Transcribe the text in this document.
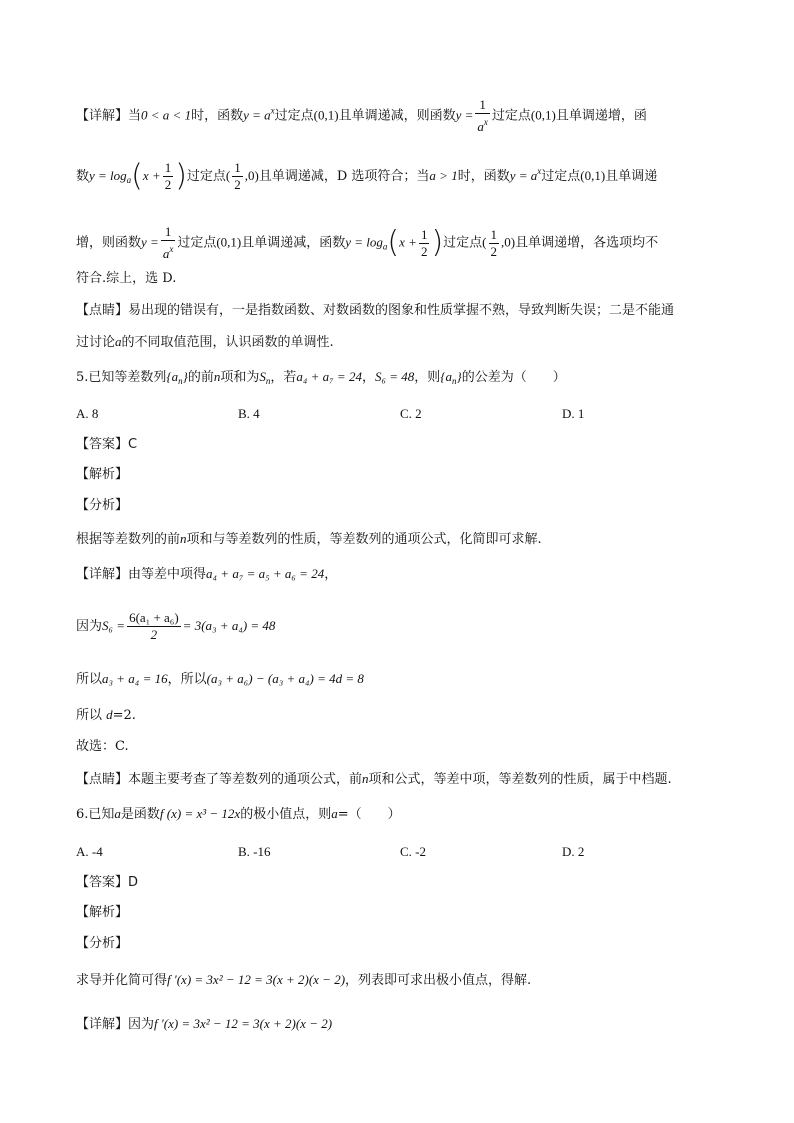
【详解】当0 < a < 1时，函数$y = a^x$过定点(0,1)且单调递减，则函数$y = \frac{1}{a^x}$ 过定点(0,1)且单调递增，函
数$y = \log_a(x + \frac{1}{2}$ )过定点( $\frac{1}{2} ,0$)且单调递减，D 选项符合；当a > 1时，函数$y = a^x$过定点(0,1)且单调递
增，则函数$y = \frac{1}{a^x}$ 过定点(0,1)且单调递减，函数$y = \log_a(x + \frac{1}{2}$ )过定点( $\frac{1}{2} ,0$)且单调递增，各选项均不
符合.综上，选 D.
【点睛】易出现的错误有，一是指数函数、对数函数的图象和性质掌握不熟，导致判断失误；二是不能通
过讨论a的不同取值范围，认识函数的单调性.
5.已知等差数列$\{a_n\}$的前n项和为$S_n$，若a₄ + a₇ = 24，S₆ = 48，则$\{a_n\}$的公差为（　　）
A. 8	B. 4	C. 2	D. 1
【答案】C
【解析】
【分析】
根据等差数列的前n项和与等差数列的性质，等差数列的通项公式，化简即可求解.
【详解】由等差中项得a₄ + a₇ = a₅ + a₆ = 24，
因为$S_6 = \frac{\text{6(a₁ + a₆)}}{2} = 3(a_3 + a_4) = 48$
所以a₃ + a₄ = 16，所以(a₃ + a₆) − (a₃ + a₄) = 4d = 8
所以 d=2.
故选：C.
【点睛】本题主要考查了等差数列的通项公式，前n项和公式，等差中项，等差数列的性质，属于中档题.
6.已知a是函数f (x) = x³ − 12x的极小值点，则a=（　　）
A. -4	B. -16	C. -2	D. 2
【答案】D
【解析】
【分析】
求导并化简可得f ′(x) = 3x² − 12 = 3(x + 2)(x − 2)，列表即可求出极小值点，得解.
【详解】因为f ′(x) = 3x² − 12 = 3(x + 2)(x − 2)
